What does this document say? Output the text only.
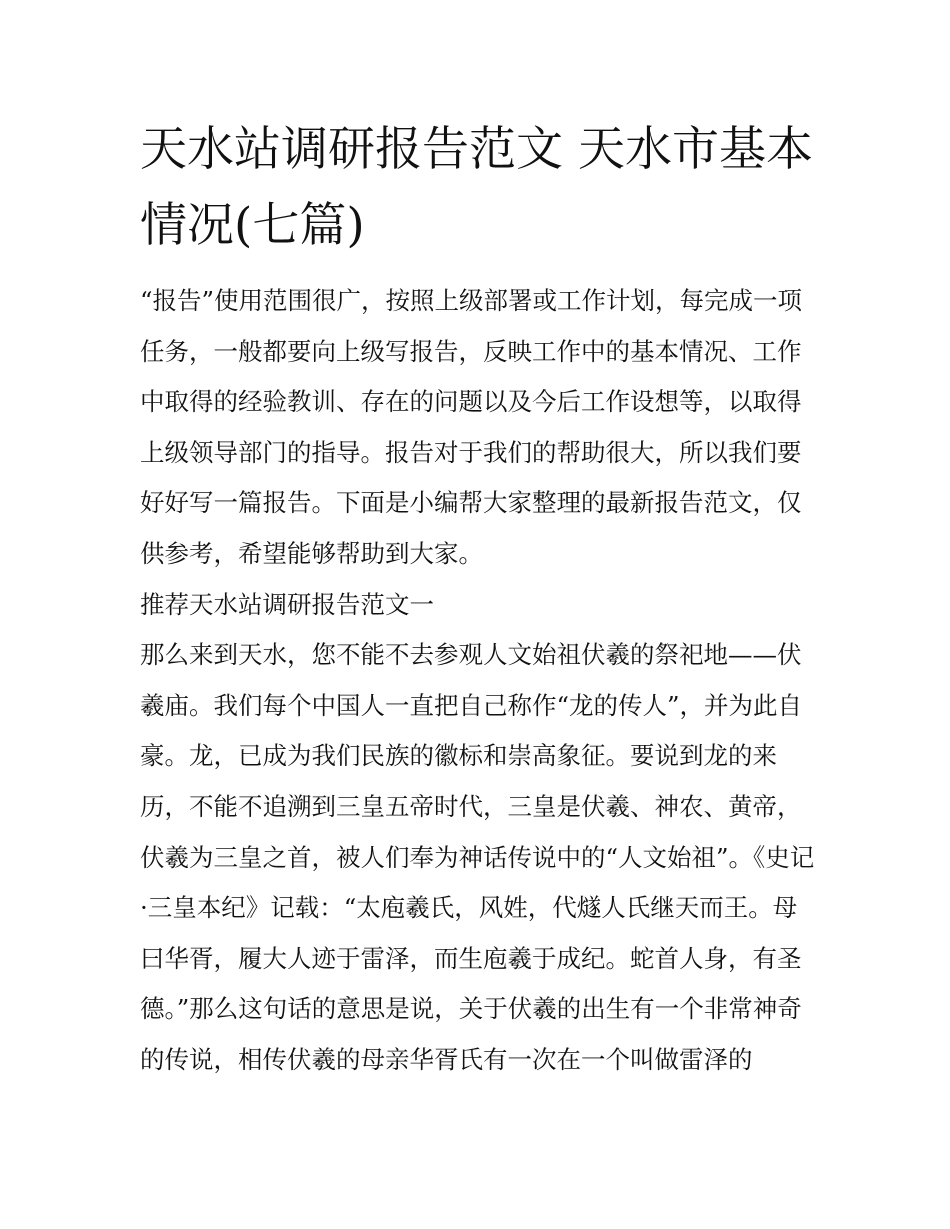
天水站调研报告范文 天水市基本情况(七篇)

“报告”使用范围很广，按照上级部署或工作计划，每完成一项任务，一般都要向上级写报告，反映工作中的基本情况、工作中取得的经验教训、存在的问题以及今后工作设想等，以取得上级领导部门的指导。报告对于我们的帮助很大，所以我们要好好写一篇报告。下面是小编帮大家整理的最新报告范文，仅供参考，希望能够帮助到大家。

推荐天水站调研报告范文一

那么来到天水，您不能不去参观人文始祖伏羲的祭祀地——伏羲庙。我们每个中国人一直把自己称作“龙的传人”，并为此自豪。龙，已成为我们民族的徽标和崇高象征。要说到龙的来历，不能不追溯到三皇五帝时代，三皇是伏羲、神农、黄帝，伏羲为三皇之首，被人们奉为神话传说中的“人文始祖”。《史记·三皇本纪》记载：“太庖羲氏，风姓，代燧人氏继天而王。母曰华胥，履大人迹于雷泽，而生庖羲于成纪。蛇首人身，有圣德。”那么这句话的意思是说，关于伏羲的出生有一个非常神奇的传说，相传伏羲的母亲华胥氏有一次在一个叫做雷泽的
